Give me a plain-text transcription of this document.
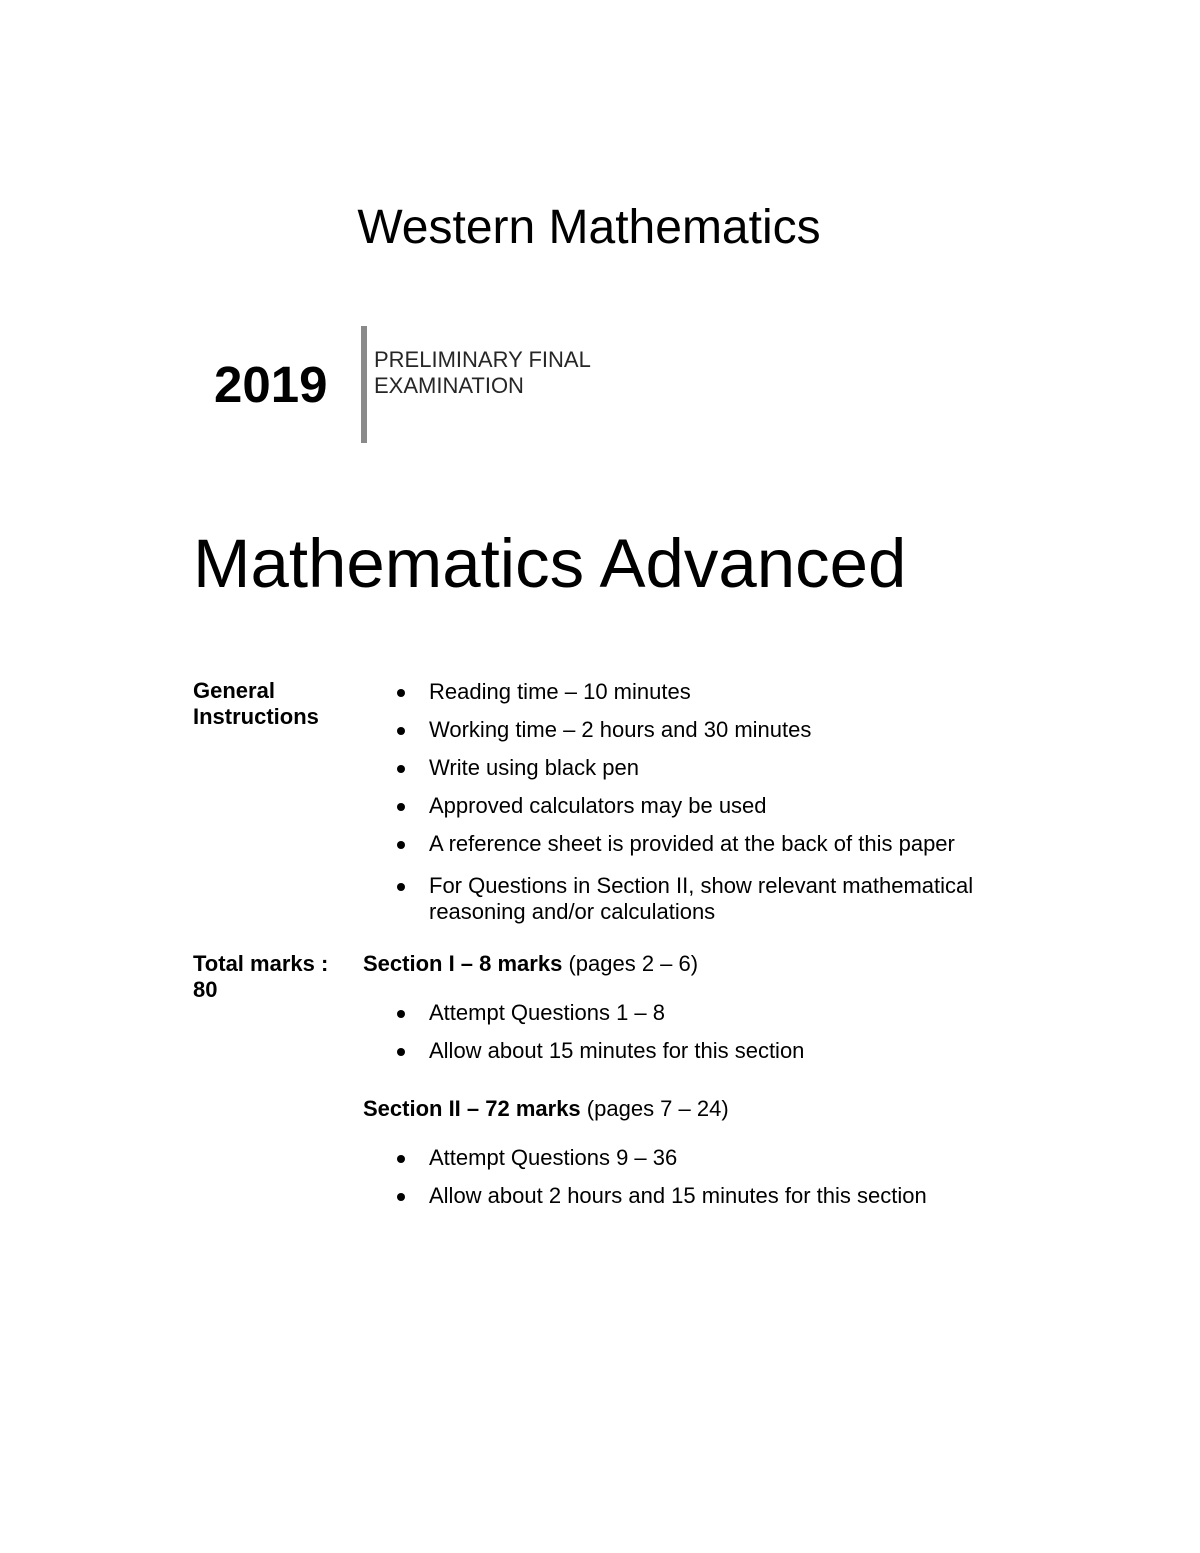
Western Mathematics
2019 PRELIMINARY FINAL
EXAMINATION
Mathematics Advanced
General
Instructions
Reading time – 10 minutes
Working time – 2 hours and 30 minutes
Write using black pen
Approved calculators may be used
A reference sheet is provided at the back of this paper
For Questions in Section II, show relevant mathematical
reasoning and/or calculations
Total marks :
80
Section I – 8 marks (pages 2 – 6)
Attempt Questions 1 – 8
Allow about 15 minutes for this section
Section II – 72 marks (pages 7 – 24)
Attempt Questions 9 – 36
Allow about 2 hours and 15 minutes for this section
